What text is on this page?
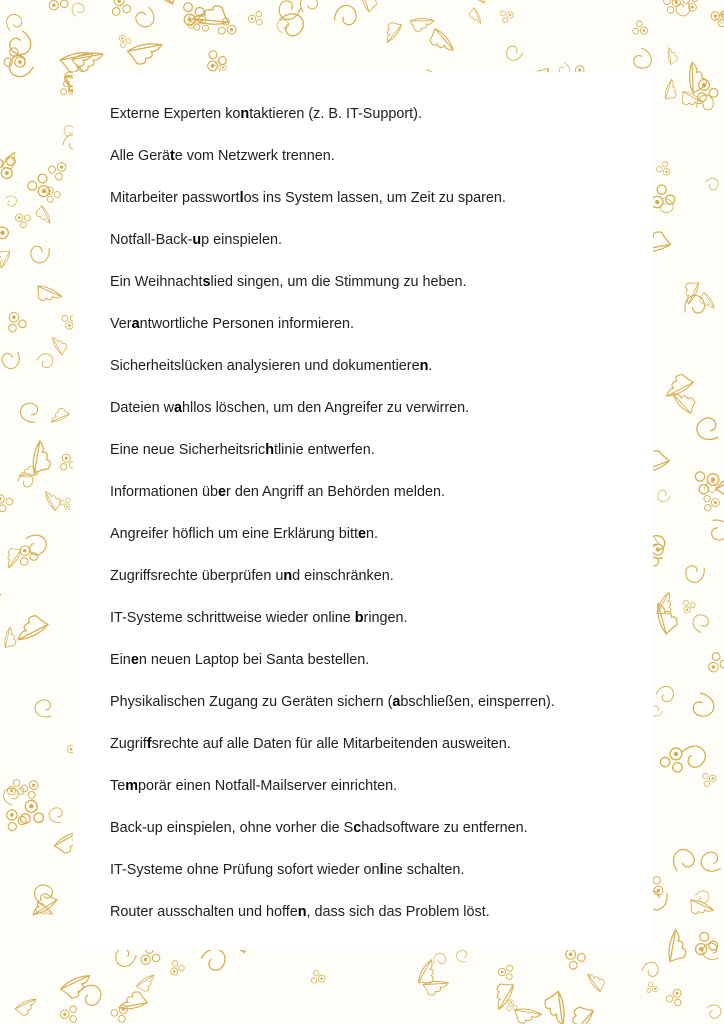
Externe Experten kontaktieren (z. B. IT-Support).
Alle Geräte vom Netzwerk trennen.
Mitarbeiter passwortlos ins System lassen, um Zeit zu sparen.
Notfall-Back-up einspielen.
Ein Weihnachtslied singen, um die Stimmung zu heben.
Verantwortliche Personen informieren.
Sicherheitslücken analysieren und dokumentieren.
Dateien wahllos löschen, um den Angreifer zu verwirren.
Eine neue Sicherheitsrichtlinie entwerfen.
Informationen über den Angriff an Behörden melden.
Angreifer höflich um eine Erklärung bitten.
Zugriffsrechte überprüfen und einschränken.
IT-Systeme schrittweise wieder online bringen.
Einen neuen Laptop bei Santa bestellen.
Physikalischen Zugang zu Geräten sichern (abschließen, einsperren).
Zugriffsrechte auf alle Daten für alle Mitarbeitenden ausweiten.
Temporär einen Notfall-Mailserver einrichten.
Back-up einspielen, ohne vorher die Schadsoftware zu entfernen.
IT-Systeme ohne Prüfung sofort wieder online schalten.
Router ausschalten und hoffen, dass sich das Problem löst.
